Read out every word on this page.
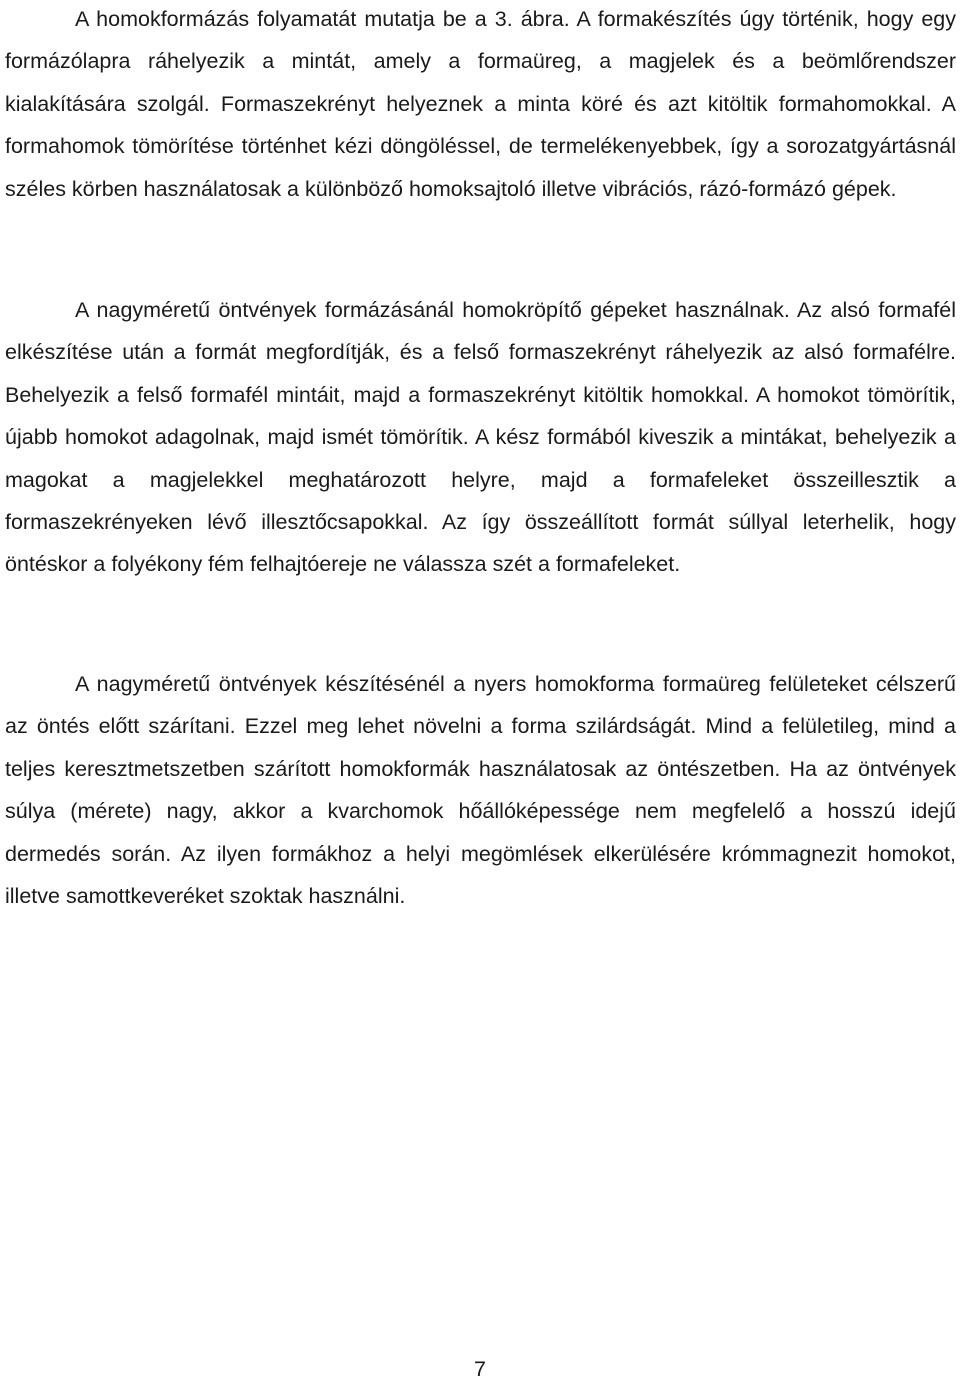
A homokformázás folyamatát mutatja be a 3. ábra. A formakészítés úgy történik, hogy egy formázólapra ráhelyezik a mintát, amely a formaüreg, a magjelek és a beömlőrendszer kialakítására szolgál. Formaszekrényt helyeznek a minta köré és azt kitöltik formahomokkal. A formahomok tömörítése történhet kézi döngöléssel, de termelékenyebbek, így a sorozatgyártásnál széles körben használatosak a különböző homoksajtoló illetve vibrációs, rázó-formázó gépek.

A nagyméretű öntvények formázásánál homokröpítő gépeket használnak. Az alsó formafél elkészítése után a formát megfordítják, és a felső formaszekrényt ráhelyezik az alsó formafélre. Behelyezik a felső formafél mintáit, majd a formaszekrényt kitöltik homokkal. A homokot tömörítik, újabb homokot adagolnak, majd ismét tömörítik. A kész formából kiveszik a mintákat, behelyezik a magokat a magjelekkel meghatározott helyre, majd a formafeleket összeillesztik a formaszekrényeken lévő illesztőcsapokkal. Az így összeállított formát súllyal leterhelik, hogy öntéskor a folyékony fém felhajtóereje ne válassza szét a formafeleket.

A nagyméretű öntvények készítésénél a nyers homokforma formaüreg felületeket célszerű az öntés előtt szárítani. Ezzel meg lehet növelni a forma szilárdságát. Mind a felületileg, mind a teljes keresztmetszetben szárított homokformák használatosak az öntészetben. Ha az öntvények súlya (mérete) nagy, akkor a kvarchomok hőállóképessége nem megfelelő a hosszú idejű dermedés során. Az ilyen formákhoz a helyi megömlések elkerülésére krómmagnezit homokot, illetve samottkeveréket szoktak használni.

7
